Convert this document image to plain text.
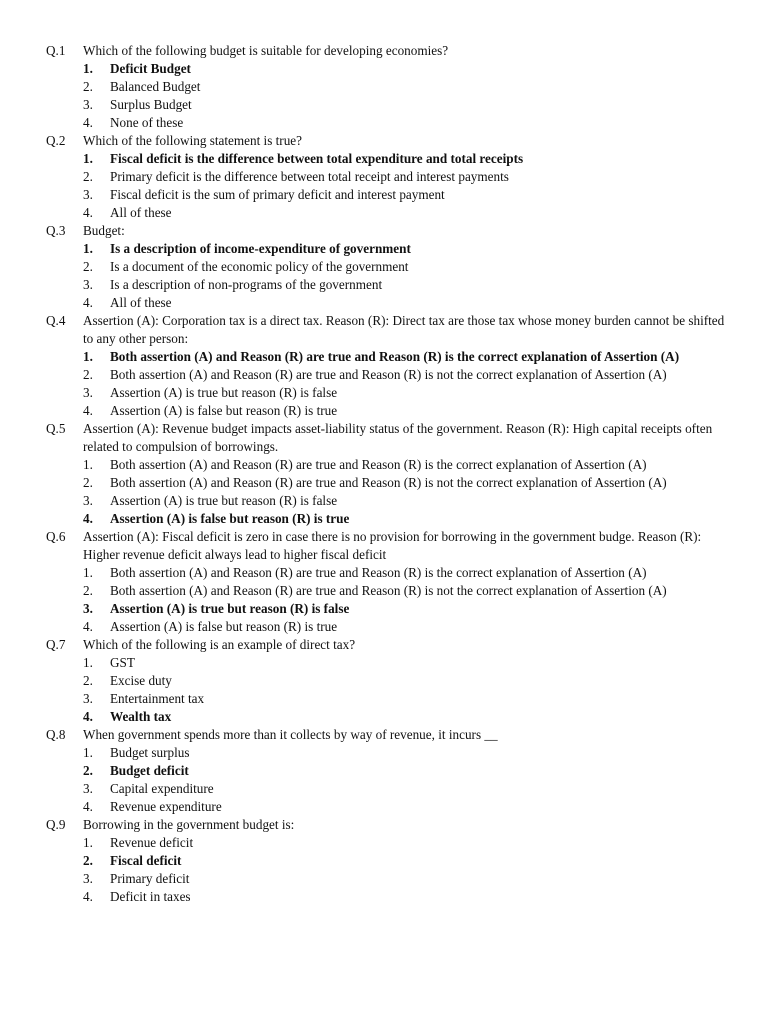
Q.1	Which of the following budget is suitable for developing economies?
1.	Deficit Budget
2.	Balanced Budget
3.	Surplus Budget
4.	None of these
Q.2	Which of the following statement is true?
1.	Fiscal deficit is the difference between total expenditure and total receipts
2.	Primary deficit is the difference between total receipt and interest payments
3.	Fiscal deficit is the sum of primary deficit and interest payment
4.	All of these
Q.3	Budget:
1.	Is a description of income-expenditure of government
2.	Is a document of the economic policy of the government
3.	Is a description of non-programs of the government
4.	All of these
Q.4	Assertion (A): Corporation tax is a direct tax. Reason (R): Direct tax are those tax whose money burden cannot be shifted to any other person:
1.	Both assertion (A) and Reason (R) are true and Reason (R) is the correct explanation of Assertion (A)
2.	Both assertion (A) and Reason (R) are true and Reason (R) is not the correct explanation of Assertion (A)
3.	Assertion (A) is true but reason (R) is false
4.	Assertion (A) is false but reason (R) is true
Q.5	Assertion (A): Revenue budget impacts asset-liability status of the government. Reason (R): High capital receipts often related to compulsion of borrowings.
1.	Both assertion (A) and Reason (R) are true and Reason (R) is the correct explanation of Assertion (A)
2.	Both assertion (A) and Reason (R) are true and Reason (R) is not the correct explanation of Assertion (A)
3.	Assertion (A) is true but reason (R) is false
4.	Assertion (A) is false but reason (R) is true
Q.6	Assertion (A): Fiscal deficit is zero in case there is no provision for borrowing in the government budge. Reason (R): Higher revenue deficit always lead to higher fiscal deficit
1.	Both assertion (A) and Reason (R) are true and Reason (R) is the correct explanation of Assertion (A)
2.	Both assertion (A) and Reason (R) are true and Reason (R) is not the correct explanation of Assertion (A)
3.	Assertion (A) is true but reason (R) is false
4.	Assertion (A) is false but reason (R) is true
Q.7	Which of the following is an example of direct tax?
1.	GST
2.	Excise duty
3.	Entertainment tax
4.	Wealth tax
Q.8	When government spends more than it collects by way of revenue, it incurs __
1.	Budget surplus
2.	Budget deficit
3.	Capital expenditure
4.	Revenue expenditure
Q.9	Borrowing in the government budget is:
1.	Revenue deficit
2.	Fiscal deficit
3.	Primary deficit
4.	Deficit in taxes
